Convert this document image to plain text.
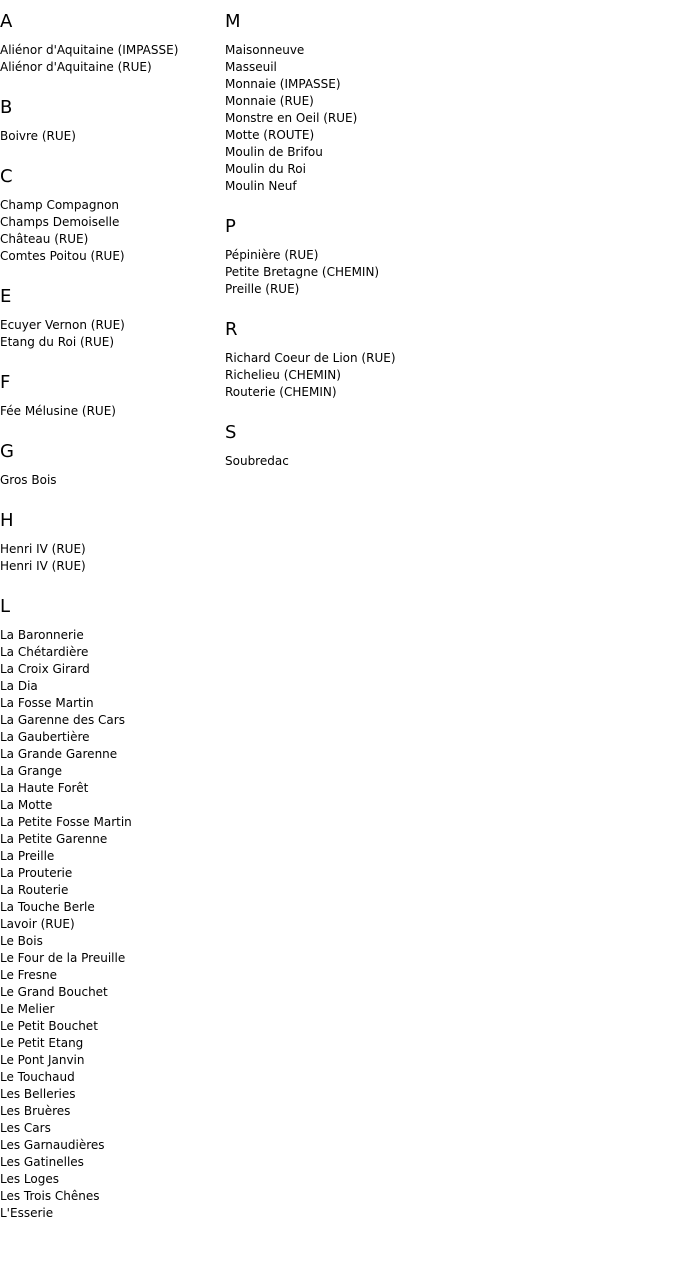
A
Aliénor d'Aquitaine (IMPASSE)
Aliénor d'Aquitaine (RUE)
B
Boivre (RUE)
C
Champ Compagnon
Champs Demoiselle
Château (RUE)
Comtes Poitou (RUE)
E
Ecuyer Vernon (RUE)
Etang du Roi (RUE)
F
Fée Mélusine (RUE)
G
Gros Bois
H
Henri IV (RUE)
Henri IV (RUE)
L
La Baronnerie
La Chétardière
La Croix Girard
La Dia
La Fosse Martin
La Garenne des Cars
La Gaubertière
La Grande Garenne
La Grange
La Haute Forêt
La Motte
La Petite Fosse Martin
La Petite Garenne
La Preille
La Prouterie
La Routerie
La Touche Berle
Lavoir (RUE)
Le Bois
Le Four de la Preuille
Le Fresne
Le Grand Bouchet
Le Melier
Le Petit Bouchet
Le Petit Etang
Le Pont Janvin
Le Touchaud
Les Belleries
Les Bruères
Les Cars
Les Garnaudières
Les Gatinelles
Les Loges
Les Trois Chênes
L'Esserie
M
Maisonneuve
Masseuil
Monnaie (IMPASSE)
Monnaie (RUE)
Monstre en Oeil (RUE)
Motte (ROUTE)
Moulin de Brifou
Moulin du Roi
Moulin Neuf
P
Pépinière (RUE)
Petite Bretagne (CHEMIN)
Preille (RUE)
R
Richard Coeur de Lion (RUE)
Richelieu (CHEMIN)
Routerie (CHEMIN)
S
Soubredac
